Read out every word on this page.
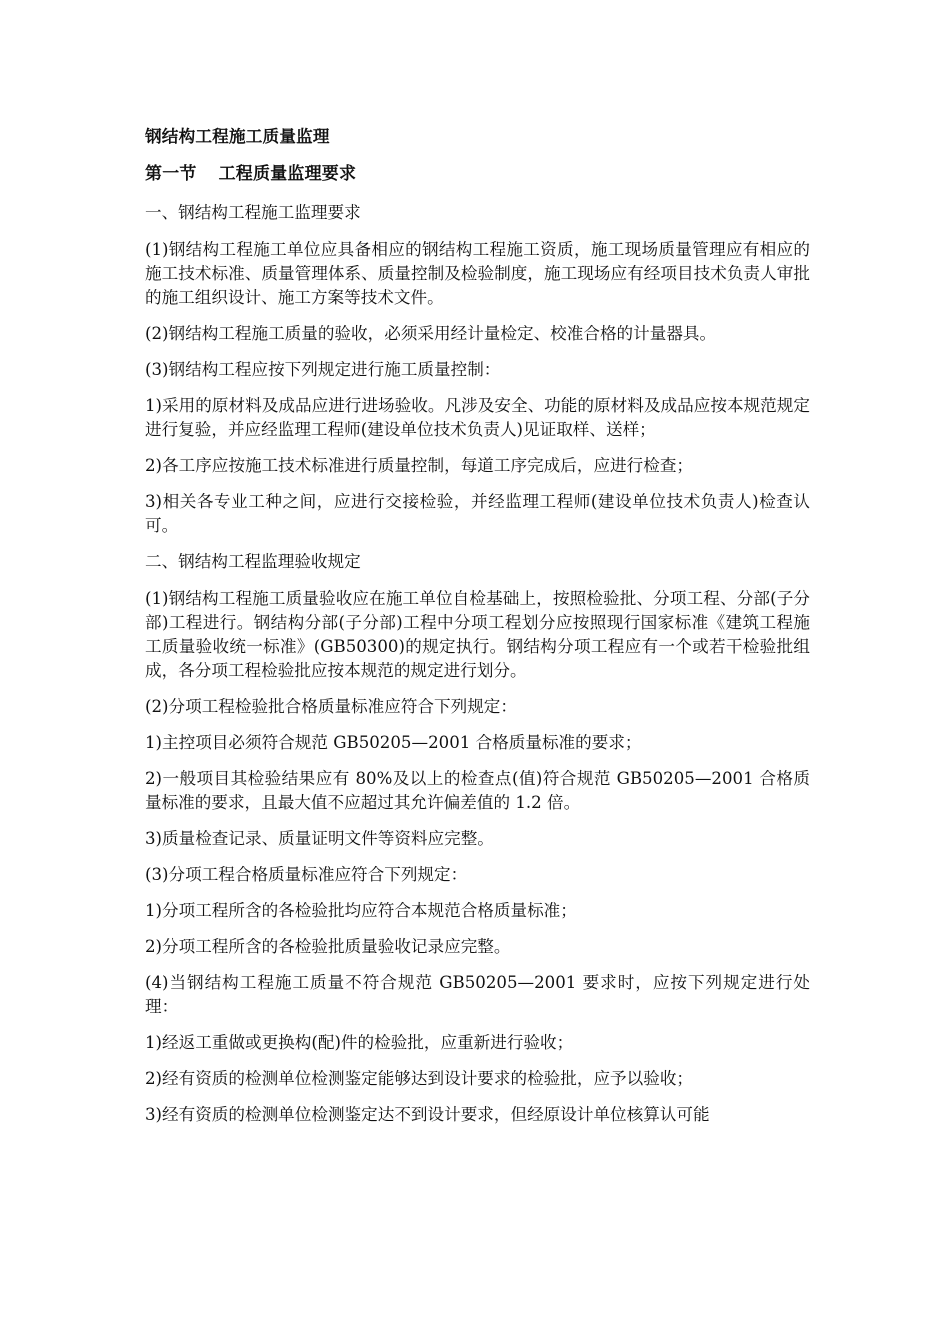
钢结构工程施工质量监理
第一节 工程质量监理要求
一、钢结构工程施工监理要求
(1)钢结构工程施工单位应具备相应的钢结构工程施工资质，施工现场质量管理应有相应的施工技术标准、质量管理体系、质量控制及检验制度，施工现场应有经项目技术负责人审批的施工组织设计、施工方案等技术文件。
(2)钢结构工程施工质量的验收，必须采用经计量检定、校准合格的计量器具。
(3)钢结构工程应按下列规定进行施工质量控制：
1)采用的原材料及成品应进行进场验收。凡涉及安全、功能的原材料及成品应按本规范规定进行复验，并应经监理工程师(建设单位技术负责人)见证取样、送样；
2)各工序应按施工技术标准进行质量控制，每道工序完成后，应进行检查；
3)相关各专业工种之间，应进行交接检验，并经监理工程师(建设单位技术负责人)检查认可。
二、钢结构工程监理验收规定
(1)钢结构工程施工质量验收应在施工单位自检基础上，按照检验批、分项工程、分部(子分部)工程进行。钢结构分部(子分部)工程中分项工程划分应按照现行国家标准《建筑工程施工质量验收统一标准》(GB50300)的规定执行。钢结构分项工程应有一个或若干检验批组成，各分项工程检验批应按本规范的规定进行划分。
(2)分项工程检验批合格质量标准应符合下列规定：
1)主控项目必须符合规范 GB50205—2001 合格质量标准的要求；
2)一般项目其检验结果应有 80%及以上的检查点(值)符合规范 GB50205—2001 合格质量标准的要求，且最大值不应超过其允许偏差值的 1.2 倍。
3)质量检查记录、质量证明文件等资料应完整。
(3)分项工程合格质量标准应符合下列规定：
1)分项工程所含的各检验批均应符合本规范合格质量标准；
2)分项工程所含的各检验批质量验收记录应完整。
(4)当钢结构工程施工质量不符合规范 GB50205—2001 要求时，应按下列规定进行处理：
1)经返工重做或更换构(配)件的检验批，应重新进行验收；
2)经有资质的检测单位检测鉴定能够达到设计要求的检验批，应予以验收；
3)经有资质的检测单位检测鉴定达不到设计要求，但经原设计单位核算认可能
